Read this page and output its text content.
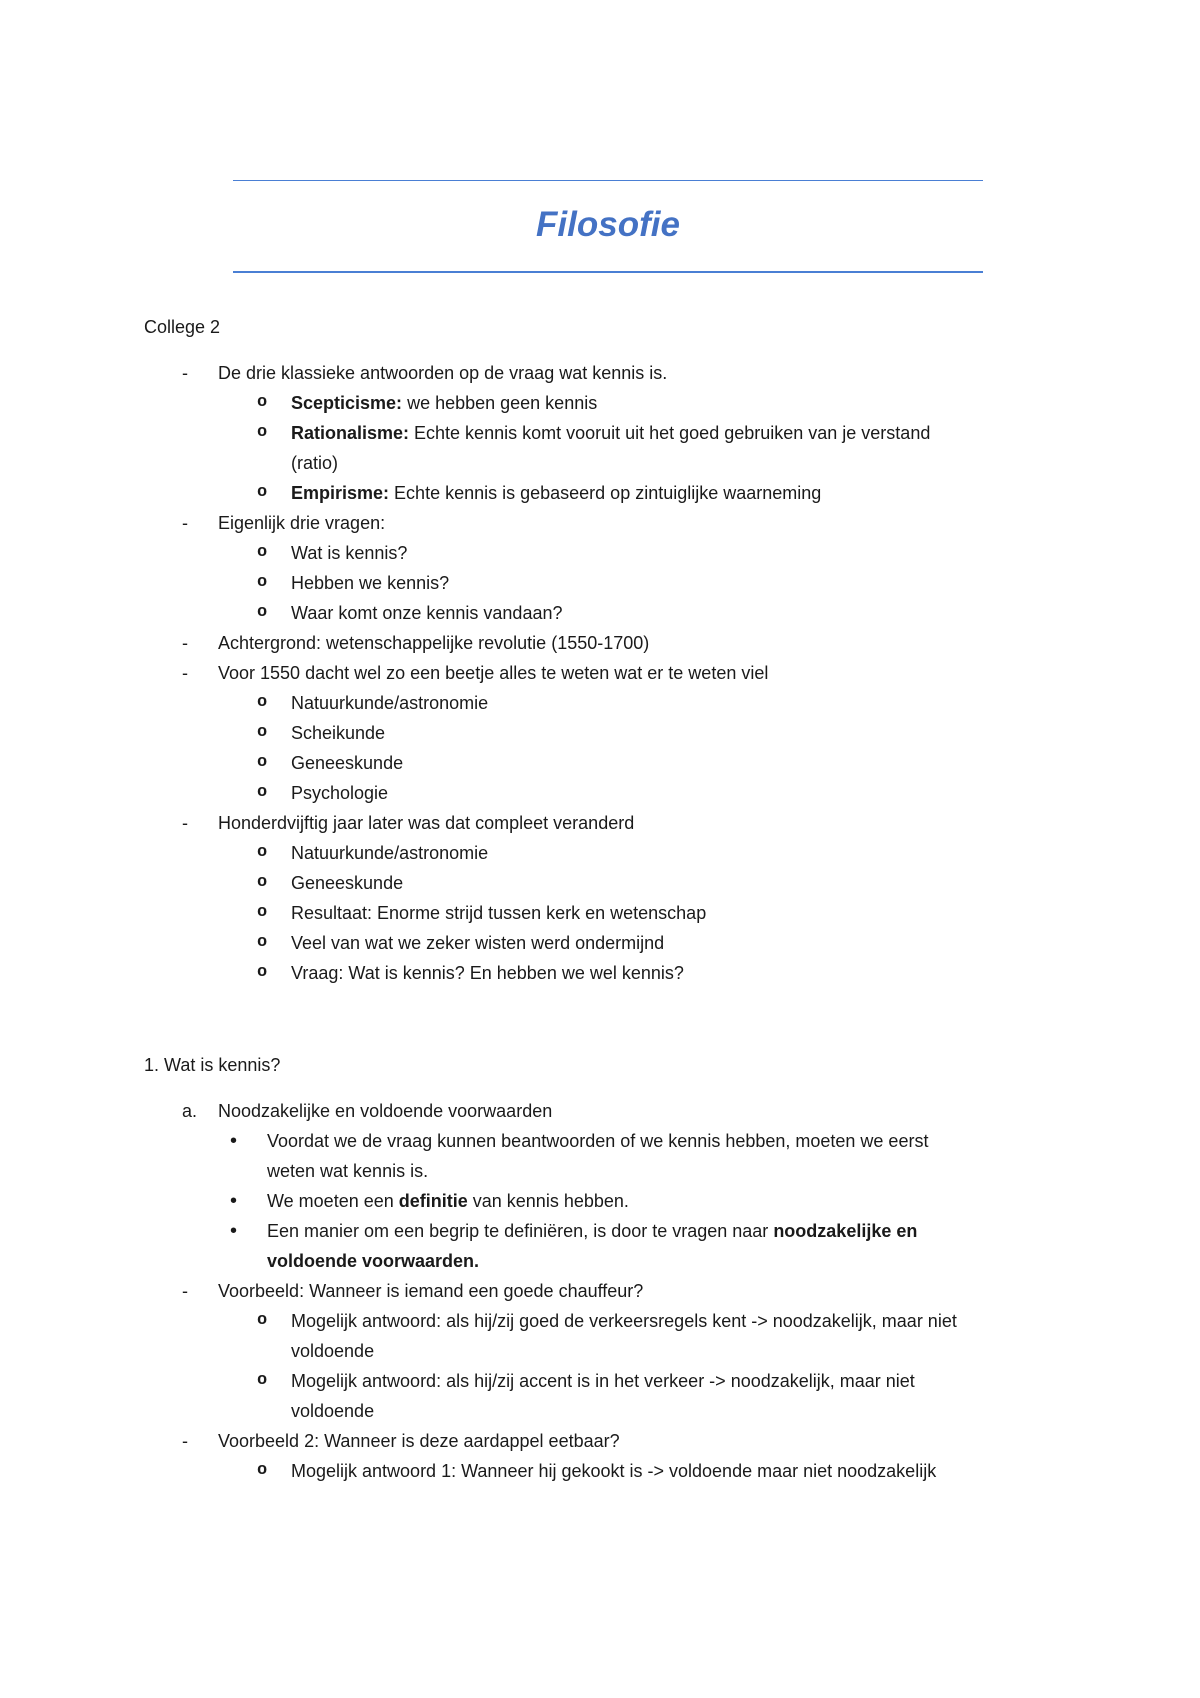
Filosofie
College 2
- De drie klassieke antwoorden op de vraag wat kennis is.
o Scepticisme: we hebben geen kennis
o Rationalisme: Echte kennis komt vooruit uit het goed gebruiken van je verstand
(ratio)
o Empirisme: Echte kennis is gebaseerd op zintuiglijke waarneming
- Eigenlijk drie vragen:
o Wat is kennis?
o Hebben we kennis?
o Waar komt onze kennis vandaan?
- Achtergrond: wetenschappelijke revolutie (1550-1700)
- Voor 1550 dacht wel zo een beetje alles te weten wat er te weten viel
o Natuurkunde/astronomie
o Scheikunde
o Geneeskunde
o Psychologie
- Honderdvijftig jaar later was dat compleet veranderd
o Natuurkunde/astronomie
o Geneeskunde
o Resultaat: Enorme strijd tussen kerk en wetenschap
o Veel van wat we zeker wisten werd ondermijnd
o Vraag: Wat is kennis? En hebben we wel kennis?
1. Wat is kennis?
a. Noodzakelijke en voldoende voorwaarden
• Voordat we de vraag kunnen beantwoorden of we kennis hebben, moeten we eerst
weten wat kennis is.
• We moeten een definitie van kennis hebben.
• Een manier om een begrip te definiëren, is door te vragen naar noodzakelijke en
voldoende voorwaarden.
- Voorbeeld: Wanneer is iemand een goede chauffeur?
o Mogelijk antwoord: als hij/zij goed de verkeersregels kent -> noodzakelijk, maar niet
voldoende
o Mogelijk antwoord: als hij/zij accent is in het verkeer -> noodzakelijk, maar niet
voldoende
- Voorbeeld 2: Wanneer is deze aardappel eetbaar?
o Mogelijk antwoord 1: Wanneer hij gekookt is -> voldoende maar niet noodzakelijk
